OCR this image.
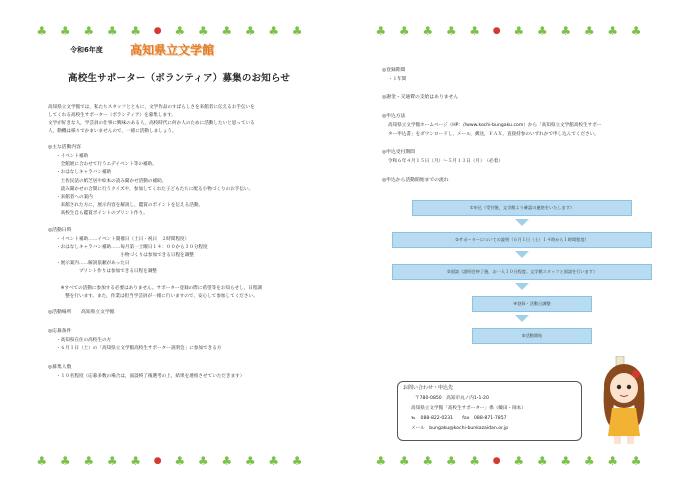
♣ ♣ ♣ ♣ ♣ ● ♣ ♣ ♣ ♣ ♣ ♣
令和6年度 高知県立文学館
高校生サポーター（ボランティア）募集のお知らせ
高知県立文学館では，私たちスタッフとともに，文学作品のすばらしさを来館者に伝えるお手伝いを
してくれる高校生サポーター（ボランティア）を募集します。
文学が好きな人，学芸員の仕事に興味のある人，高校時代に何か人のために活動したいと思っている
人，動機は様々でかまいませんので，一緒に活動しましょう。
◎主な活動内容
・イベント補助
　全館展に合わせて行うエデイベント等の補助。
・おはなしキャラバン補助
　土佐民話の紙芝居や絵本の読み聞かせ活動の補助。
　読み聞かせの合間に行うクイズや，参加してくれた子どもたちに配る小物づくりのお手伝い。
・来館者への案内
　来館された方に，展示内容を解説し，鑑賞のポイントを伝える活動。
　高校生自ら鑑賞ポイントのプリント作り。
◎活動日時
・イベント補助……イベント開催日（土日・祝日　２時間程度）
・おはなしキャラバン補助……毎月第一土曜日１４：００から３０分程度
　　　　　　　　　　　　　　小物づくりは参加できる日程を調整
・展示案内……解説依頼があった日
　　　　　プリント作りは参加できる日程を調整
　※すべての活動に参加する必要はありません。サポーター登録の際に希望等をお知らせし，日程調
　　整を行います。また，作業は担当学芸員が一緒に行いますので，安心して参加してください。
◎活動場所　　高知県立文学館
◎応募条件
・高知県在住の高校生の方
・６月１日（土）の「高知県立文学館高校生サポーター説明会」に参加できる方
◎募集人数
・１０名程度（応募多数の場合は，面談終了後選考の上，結果を連絡させていただきます）
♣ ♣ ♣ ♣ ♣ ● ♣ ♣ ♣ ♣ ♣ ♣
♣ ♣ ♣ ♣ ♣ ● ♣ ♣ ♣ ♣ ♣ ♣
♣ ♣ ♣ ♣ ♣ ● ♣ ♣ ♣ ♣ ♣ ♣
◎登録期間
・１年間
◎謝金・交通費の支給はありません
◎申込方法
高知県立文学館ホームページ（HP：//www.kochi-bungaku.com）から「高知県立文学館高校生サポー
ター申込書」をダウンロードし，メール，郵送，ＦＡＸ，直接持参のいずれかで申し込んでください。
◎申込受付期間
令和６年４月１５日（月）～５月１３日（月）　（必着）
◎申込から活動開始までの流れ
①申込（受付後，文学館より確認の連絡をいたします）
②サポーターについての説明（６月１日（土）１４時から１時間程度）
③面談（説明会終了後，お一人１０分程度。文学館スタッフと面談を行います）
④登録・活動日調整
⑤活動開始
お問い合わせ・申込先
〒780-0850　高知市丸ノ内1-1-20
高知県立文学館「高校生サポーター」係（織田・岡本）
℡　088-822-0231　　fax　088-871-7857
メール　bungaku@kochi-bunkazaidan.or.jp
